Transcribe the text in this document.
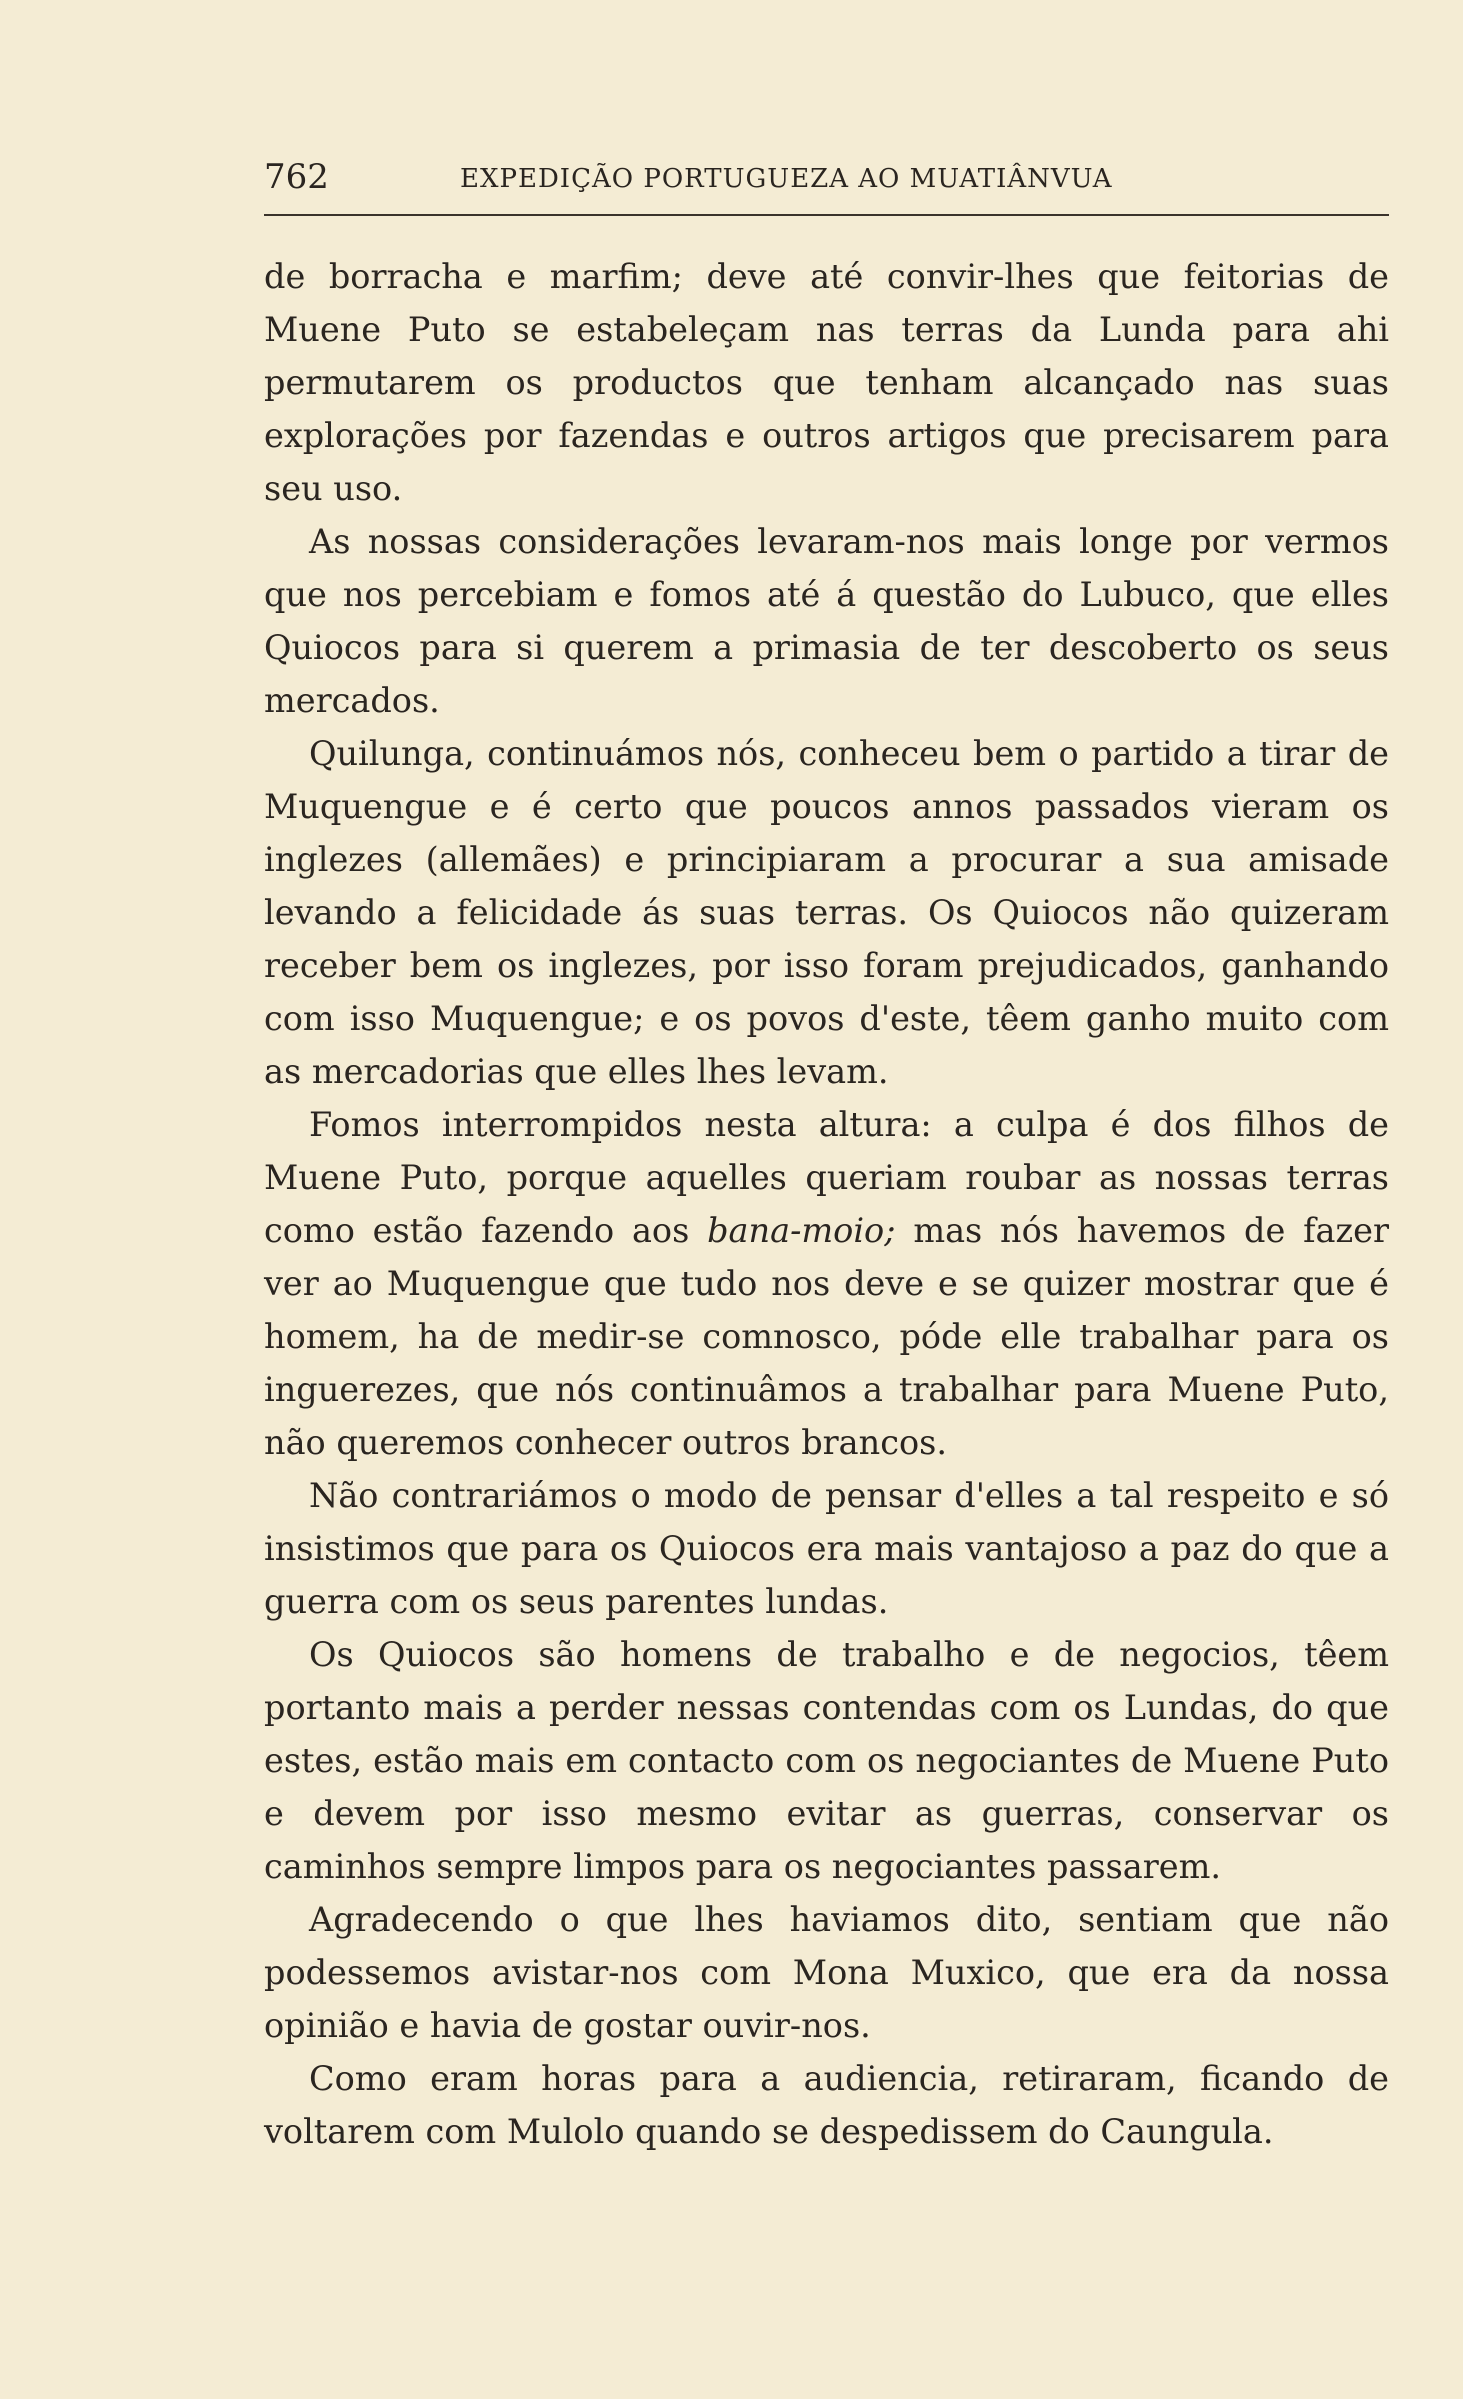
762	EXPEDIÇÃO PORTUGUEZA AO MUATIÂNVUA

de borracha e marfim; deve até convir-lhes que feitorias de Muene Puto se estabeleçam nas terras da Lunda para ahi permutarem os productos que tenham alcançado nas suas explorações por fazendas e outros artigos que precisarem para seu uso.

As nossas considerações levaram-nos mais longe por vermos que nos percebiam e fomos até á questão do Lubuco, que elles Quiocos para si querem a primasia de ter descoberto os seus mercados.

Quilunga, continuámos nós, conheceu bem o partido a tirar de Muquengue e é certo que poucos annos passados vieram os inglezes (allemães) e principiaram a procurar a sua amisade levando a felicidade ás suas terras. Os Quiocos não quizeram receber bem os inglezes, por isso foram prejudicados, ganhando com isso Muquengue; e os povos d'este, têem ganho muito com as mercadorias que elles lhes levam.

Fomos interrompidos nesta altura: a culpa é dos filhos de Muene Puto, porque aquelles queriam roubar as nossas terras como estão fazendo aos bana-moio; mas nós havemos de fazer ver ao Muquengue que tudo nos deve e se quizer mostrar que é homem, ha de medir-se comnosco, póde elle trabalhar para os inguerezes, que nós continuâmos a trabalhar para Muene Puto, não queremos conhecer outros brancos.

Não contrariámos o modo de pensar d'elles a tal respeito e só insistimos que para os Quiocos era mais vantajoso a paz do que a guerra com os seus parentes lundas.

Os Quiocos são homens de trabalho e de negocios, têem portanto mais a perder nessas contendas com os Lundas, do que estes, estão mais em contacto com os negociantes de Muene Puto e devem por isso mesmo evitar as guerras, conservar os caminhos sempre limpos para os negociantes passarem.

Agradecendo o que lhes haviamos dito, sentiam que não podessemos avistar-nos com Mona Muxico, que era da nossa opinião e havia de gostar ouvir-nos.

Como eram horas para a audiencia, retiraram, ficando de voltarem com Mulolo quando se despedissem do Caungula.
